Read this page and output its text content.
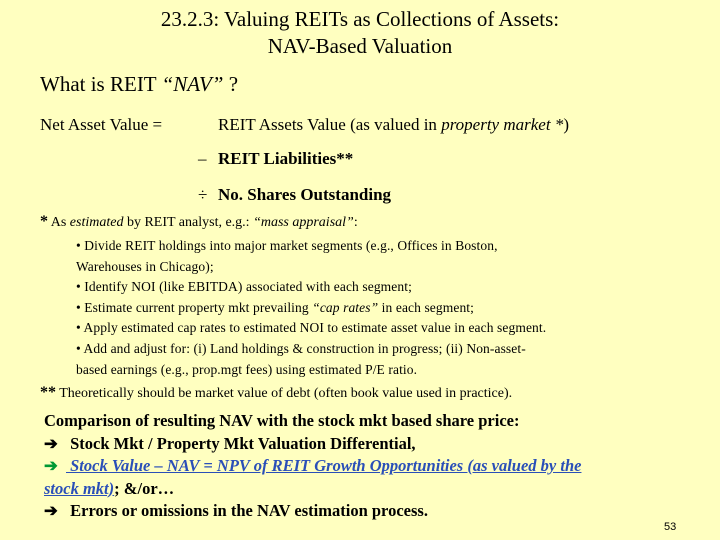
23.2.3: Valuing REITs as Collections of Assets:
NAV-Based Valuation
What is REIT “NAV” ?
Net Asset Value =	REIT Assets Value (as valued in property market *)
– REIT Liabilities**
÷ No. Shares Outstanding
* As estimated by REIT analyst, e.g.: “mass appraisal”:
• Divide REIT holdings into major market segments (e.g., Offices in Boston,
Warehouses in Chicago);
• Identify NOI (like EBITDA) associated with each segment;
• Estimate current property mkt prevailing “cap rates” in each segment;
• Apply estimated cap rates to estimated NOI to estimate asset value in each segment.
• Add and adjust for: (i) Land holdings & construction in progress; (ii) Non-asset-
based earnings (e.g., prop.mgt fees) using estimated P/E ratio.
** Theoretically should be market value of debt (often book value used in practice).
Comparison of resulting NAV with the stock mkt based share price:
➔ Stock Mkt / Property Mkt Valuation Differential,
➔ Stock Value – NAV = NPV of REIT Growth Opportunities (as valued by the
stock mkt); &/or…
➔ Errors or omissions in the NAV estimation process.
53
